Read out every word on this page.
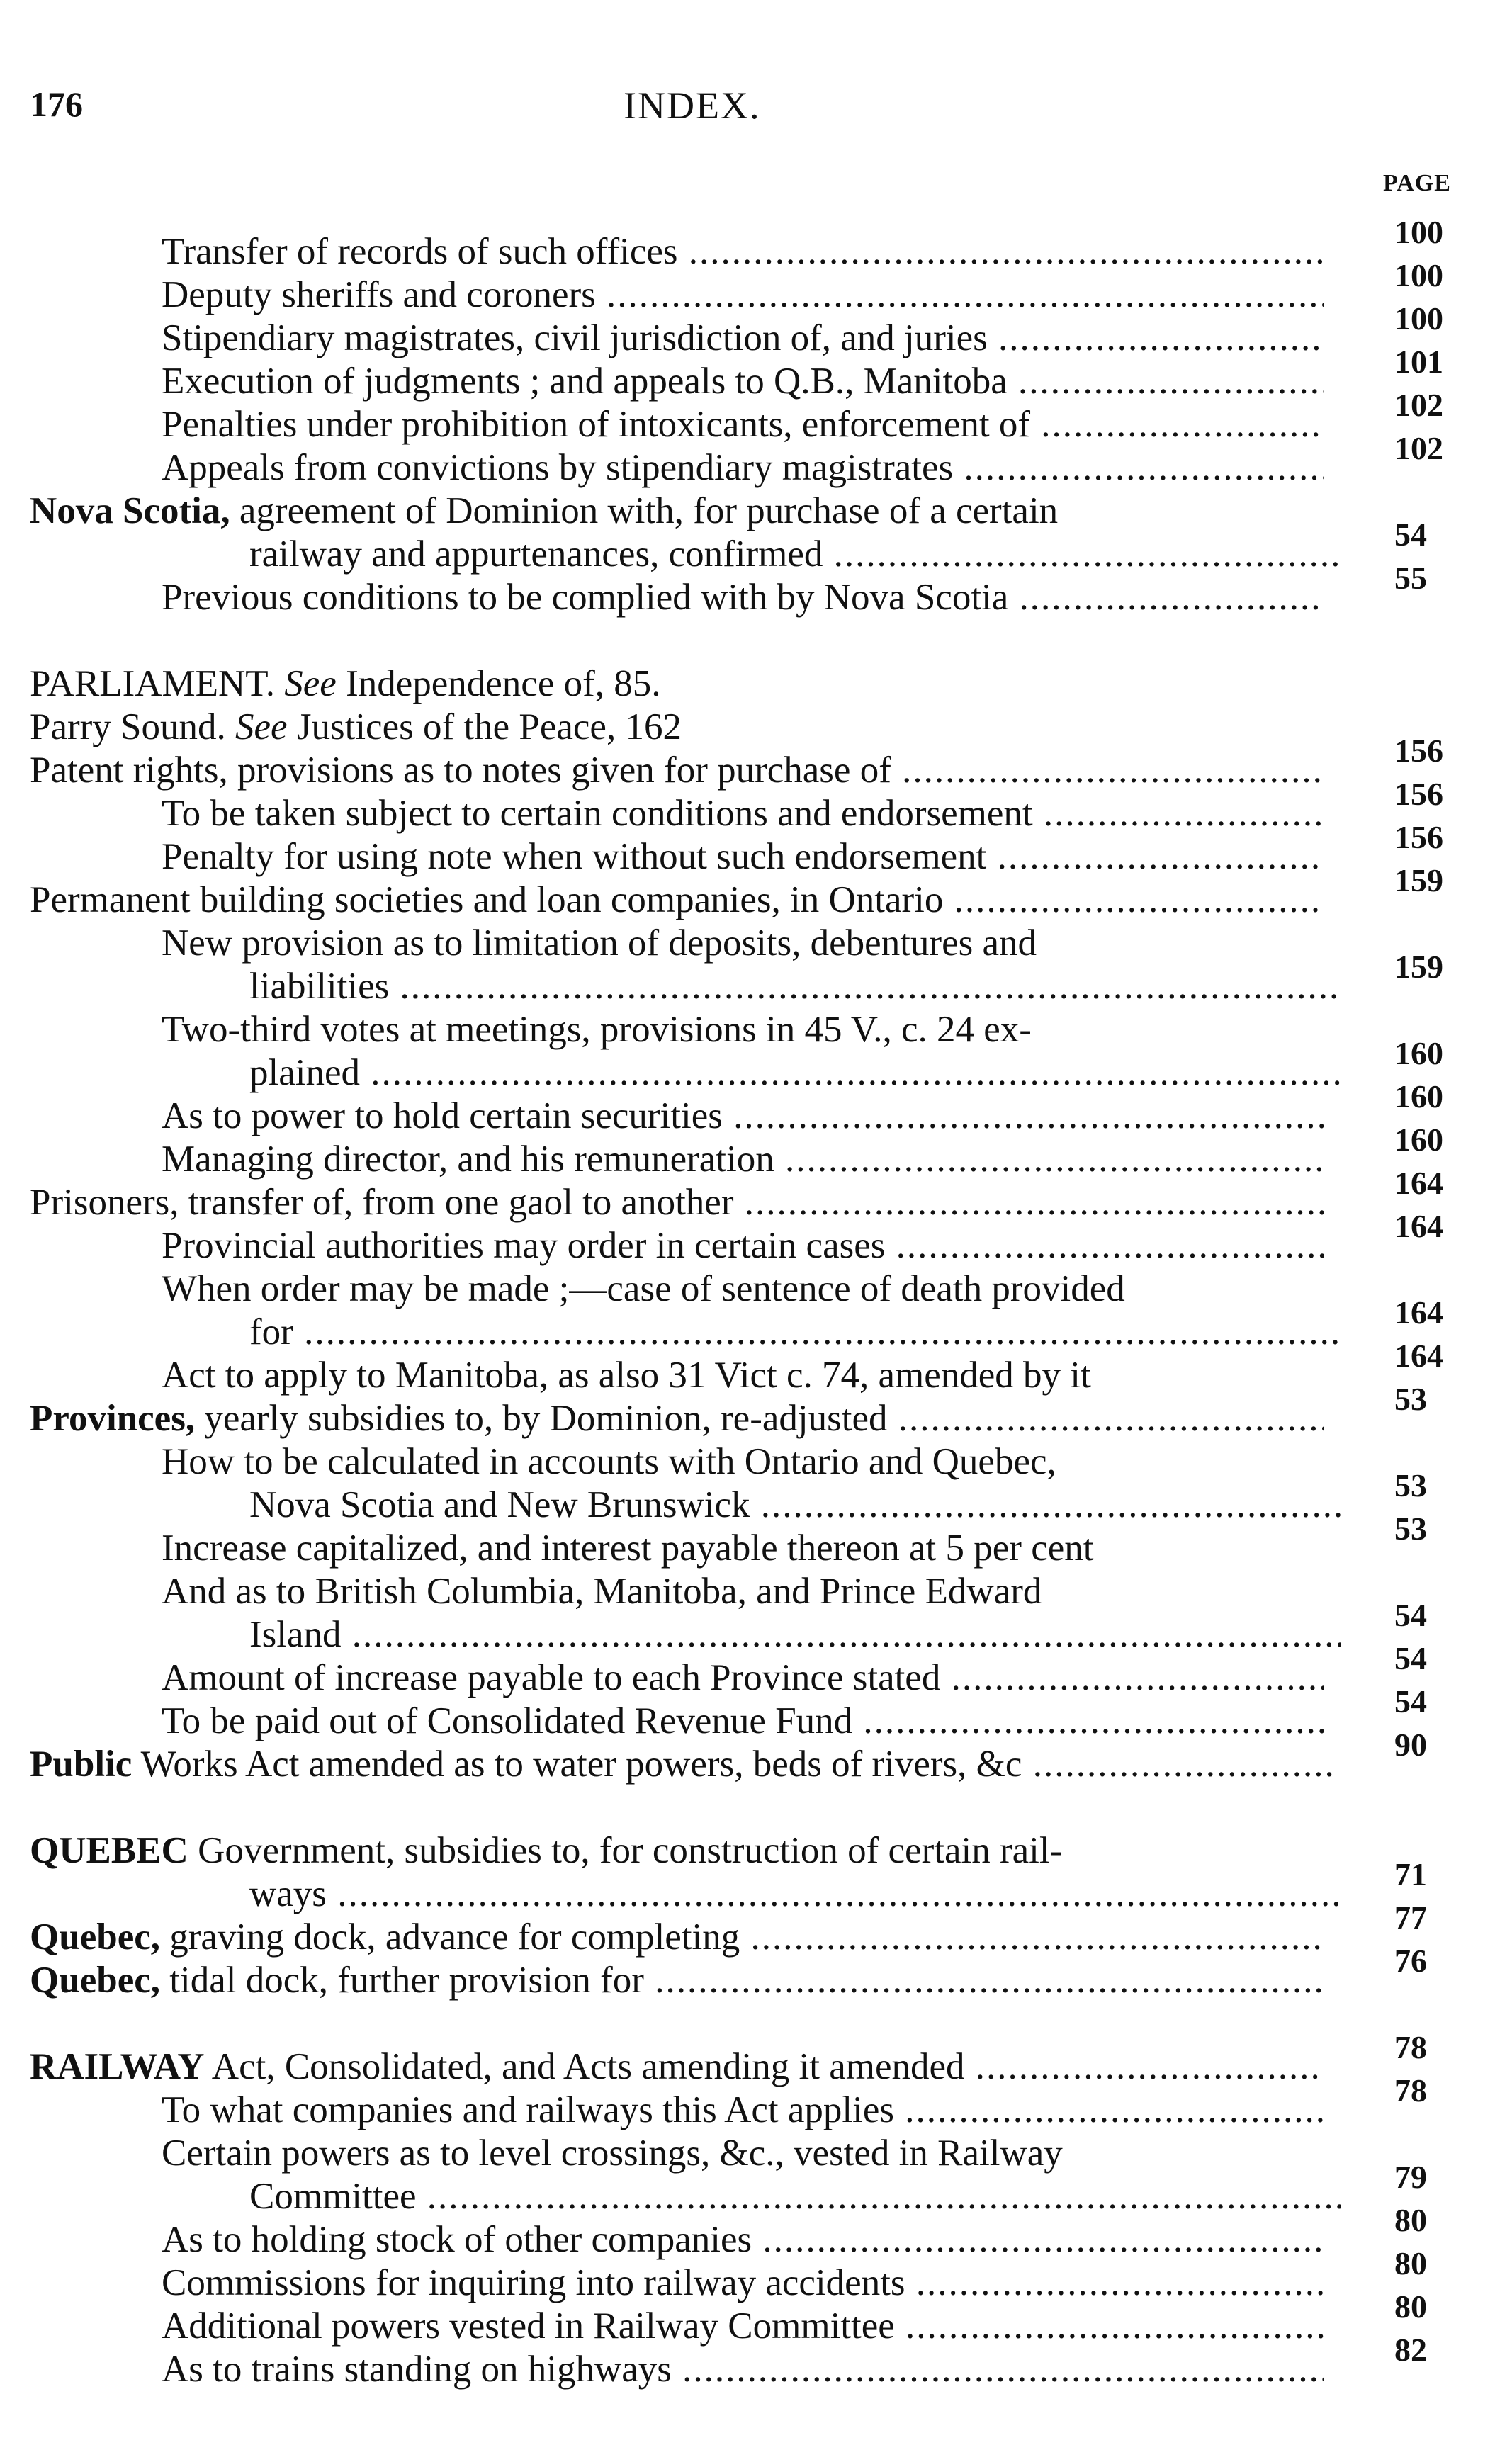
176	INDEX.
PAGE
Transfer of records of such offices .....
Deputy sheriffs and coroners .....
Stipendiary magistrates, civil jurisdiction of, and juries .....
Execution of judgments ; and appeals to Q.B., Manitoba .....
Penalties under prohibition of intoxicants, enforcement of .....
Appeals from convictions by stipendiary magistrates .....
Nova Scotia, agreement of Dominion with, for purchase of a certain
railway and appurtenances, confirmed .....
Previous conditions to be complied with by Nova Scotia .....
PARLIAMENT. See Independence of, 85.
Parry Sound. See Justices of the Peace, 162
Patent rights, provisions as to notes given for purchase of .....
To be taken subject to certain conditions and endorsement .....
Penalty for using note when without such endorsement .....
Permanent building societies and loan companies, in Ontario .....
New provision as to limitation of deposits, debentures and
liabilities .....
Two-third votes at meetings, provisions in 45 V., c. 24 ex-
plained .....
As to power to hold certain securities .....
Managing director, and his remuneration .....
Prisoners, transfer of, from one gaol to another .....
Provincial authorities may order in certain cases .....
When order may be made ;—case of sentence of death provided
for .....
Act to apply to Manitoba, as also 31 Vict c. 74, amended by it
Provinces, yearly subsidies to, by Dominion, re-adjusted .....
How to be calculated in accounts with Ontario and Quebec,
Nova Scotia and New Brunswick .....
Increase capitalized, and interest payable thereon at 5 per cent
And as to British Columbia, Manitoba, and Prince Edward
Island .....
Amount of increase payable to each Province stated .....
To be paid out of Consolidated Revenue Fund .....
Public Works Act amended as to water powers, beds of rivers, &c .....
QUEBEC Government, subsidies to, for construction of certain rail-
ways .....
Quebec, graving dock, advance for completing .....
Quebec, tidal dock, further provision for .....
RAILWAY Act, Consolidated, and Acts amending it amended .....
To what companies and railways this Act applies .....
Certain powers as to level crossings, &c., vested in Railway
Committee .....
As to holding stock of other companies .....
Commissions for inquiring into railway accidents .....
Additional powers vested in Railway Committee .....
As to trains standing on highways .....
100
100
100
101
102
102
54
55
156
156
156
159
159
160
160
160
164
164
164
164
53
53
53
54
54
54
90
71
77
76
78
78
79
80
80
80
82
